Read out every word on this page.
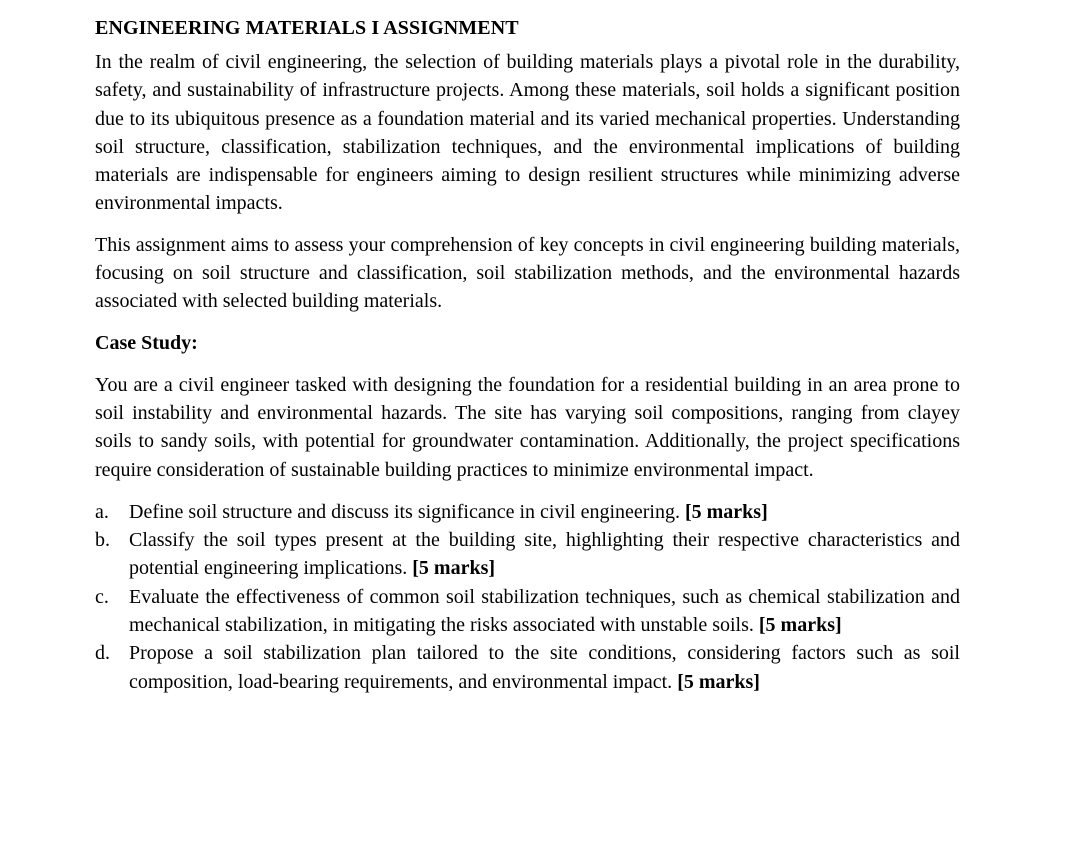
ENGINEERING MATERIALS I ASSIGNMENT

In the realm of civil engineering, the selection of building materials plays a pivotal role in the durability, safety, and sustainability of infrastructure projects. Among these materials, soil holds a significant position due to its ubiquitous presence as a foundation material and its varied mechanical properties. Understanding soil structure, classification, stabilization techniques, and the environmental implications of building materials are indispensable for engineers aiming to design resilient structures while minimizing adverse environmental impacts.

This assignment aims to assess your comprehension of key concepts in civil engineering building materials, focusing on soil structure and classification, soil stabilization methods, and the environmental hazards associated with selected building materials.

Case Study:

You are a civil engineer tasked with designing the foundation for a residential building in an area prone to soil instability and environmental hazards. The site has varying soil compositions, ranging from clayey soils to sandy soils, with potential for groundwater contamination. Additionally, the project specifications require consideration of sustainable building practices to minimize environmental impact.

a.	Define soil structure and discuss its significance in civil engineering. [5 marks]
b. Classify the soil types present at the building site, highlighting their respective characteristics and potential engineering implications. [5 marks]
c.	Evaluate the effectiveness of common soil stabilization techniques, such as chemical stabilization and mechanical stabilization, in mitigating the risks associated with unstable soils. [5 marks]
d. Propose a soil stabilization plan tailored to the site conditions, considering factors such as soil composition, load-bearing requirements, and environmental impact. [5 marks]
